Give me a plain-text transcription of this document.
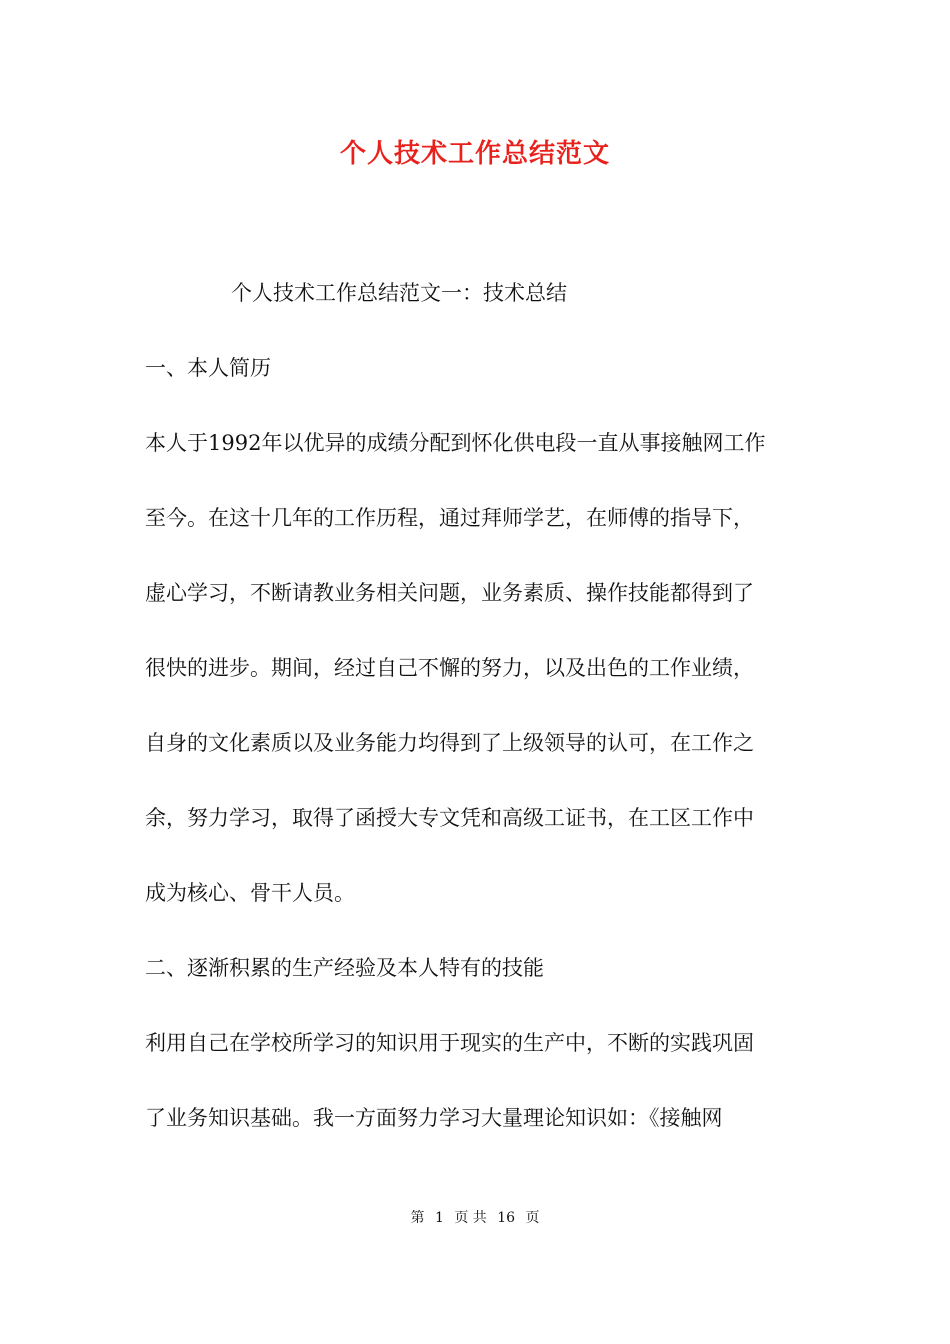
个人技术工作总结范文
个人技术工作总结范文一：技术总结
一、本人简历
本人于1992年以优异的成绩分配到怀化供电段一直从事接触网工作
至今。在这十几年的工作历程，通过拜师学艺，在师傅的指导下，
虚心学习，不断请教业务相关问题，业务素质、操作技能都得到了
很快的进步。期间，经过自己不懈的努力，以及出色的工作业绩，
自身的文化素质以及业务能力均得到了上级领导的认可，在工作之
余，努力学习，取得了函授大专文凭和高级工证书，在工区工作中
成为核心、骨干人员。
二、逐渐积累的生产经验及本人特有的技能
利用自己在学校所学习的知识用于现实的生产中，不断的实践巩固
了业务知识基础。我一方面努力学习大量理论知识如：《接触网
第 1 页 共 16 页
